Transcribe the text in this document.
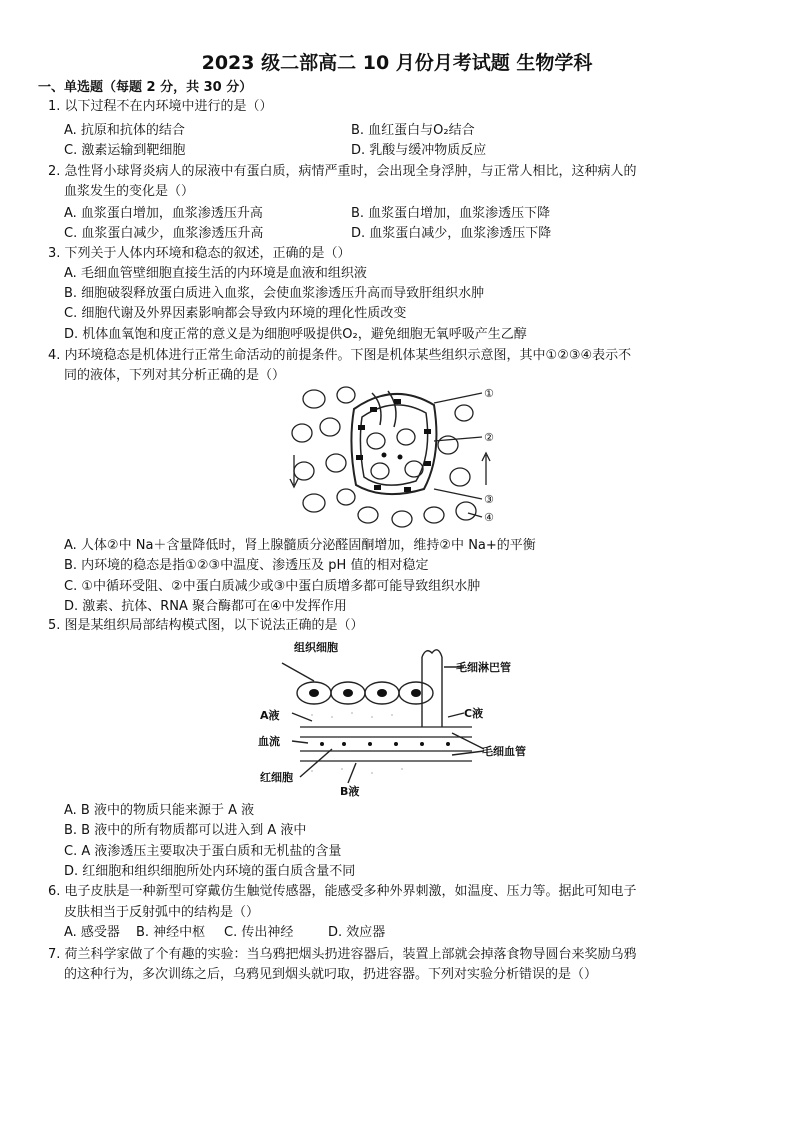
2023 级二部高二 10 月份月考试题 生物学科
一、单选题（每题 2 分，共 30 分）
1. 以下过程不在内环境中进行的是（）
A. 抗原和抗体的结合	B. 血红蛋白与O₂结合
C. 激素运输到靶细胞	D. 乳酸与缓冲物质反应
2. 急性肾小球肾炎病人的尿液中有蛋白质，病情严重时，会出现全身浮肿，与正常人相比，这种病人的
血浆发生的变化是（）
A. 血浆蛋白增加，血浆渗透压升高	B. 血浆蛋白增加，血浆渗透压下降
C. 血浆蛋白减少，血浆渗透压升高	D. 血浆蛋白减少，血浆渗透压下降
3. 下列关于人体内环境和稳态的叙述，正确的是（）
A. 毛细血管壁细胞直接生活的内环境是血液和组织液
B. 细胞破裂释放蛋白质进入血浆，会使血浆渗透压升高而导致肝组织水肿
C. 细胞代谢及外界因素影响都会导致内环境的理化性质改变
D. 机体血氧饱和度正常的意义是为细胞呼吸提供O₂，避免细胞无氧呼吸产生乙醇
4. 内环境稳态是机体进行正常生命活动的前提条件。下图是机体某些组织示意图，其中①②③④表示不
同的液体，下列对其分析正确的是（）
①
②
③
④
A. 人体②中 Na＋含量降低时，肾上腺髓质分泌醛固酮增加，维持②中 Na+的平衡
B. 内环境的稳态是指①②③中温度、渗透压及 pH 值的相对稳定
C. ①中循环受阻、②中蛋白质减少或③中蛋白质增多都可能导致组织水肿
D. 激素、抗体、RNA 聚合酶都可在④中发挥作用
5. 图是某组织局部结构模式图，以下说法正确的是（）
组织细胞
毛细淋巴管
A液	C液
血流
毛细血管
红细胞
B液
A. B 液中的物质只能来源于 A 液
B. B 液中的所有物质都可以进入到 A 液中
C. A 液渗透压主要取决于蛋白质和无机盐的含量
D. 红细胞和组织细胞所处内环境的蛋白质含量不同
6. 电子皮肤是一种新型可穿戴仿生触觉传感器，能感受多种外界刺激，如温度、压力等。据此可知电子
皮肤相当于反射弧中的结构是（）
A. 感受器 B. 神经中枢 C. 传出神经	D. 效应器
7. 荷兰科学家做了个有趣的实验：当乌鸦把烟头扔进容器后，装置上部就会掉落食物导圆台来奖励乌鸦
的这种行为，多次训练之后，乌鸦见到烟头就叼取，扔进容器。下列对实验分析错误的是（）
